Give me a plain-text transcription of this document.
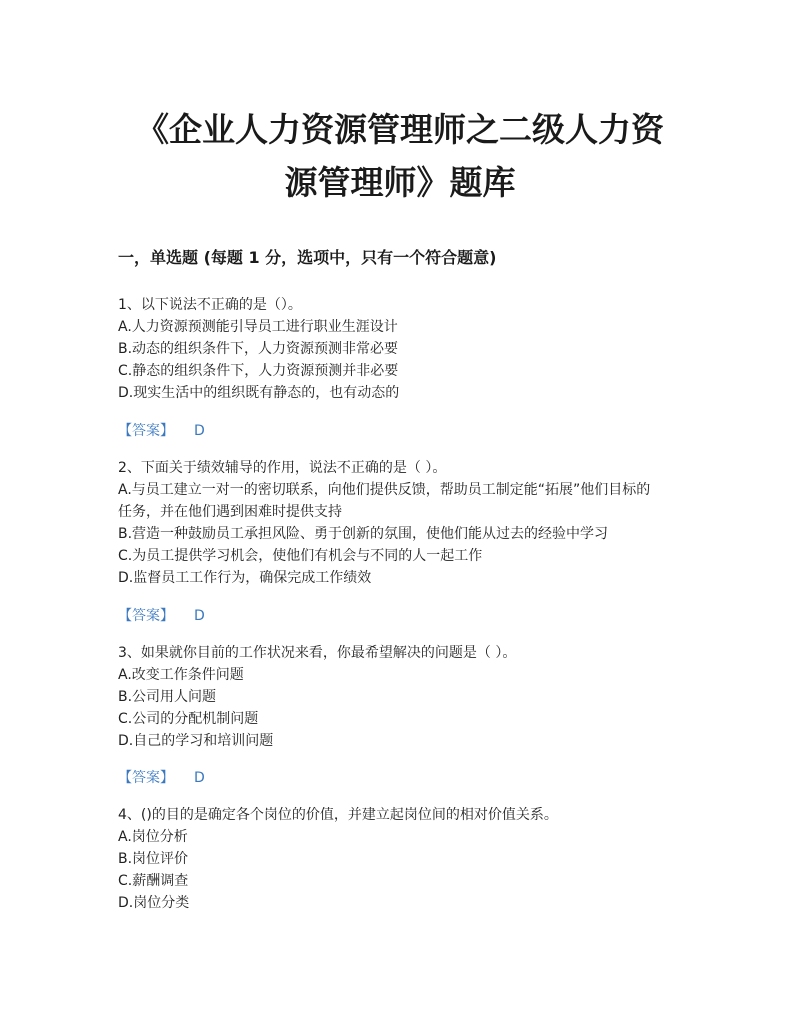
《企业人力资源管理师之二级人力资
源管理师》题库
一，单选题 (每题 1 分，选项中，只有一个符合题意)
1、以下说法不正确的是（）。
A.人力资源预测能引导员工进行职业生涯设计
B.动态的组织条件下，人力资源预测非常必要
C.静态的组织条件下，人力资源预测并非必要
D.现实生活中的组织既有静态的，也有动态的
【答案】 D
2、下面关于绩效辅导的作用，说法不正确的是（ ）。
A.与员工建立一对一的密切联系，向他们提供反馈，帮助员工制定能“拓展”他们目标的
任务，并在他们遇到困难时提供支持
B.营造一种鼓励员工承担风险、勇于创新的氛围，使他们能从过去的经验中学习
C.为员工提供学习机会，使他们有机会与不同的人一起工作
D.监督员工工作行为，确保完成工作绩效
【答案】 D
3、如果就你目前的工作状况来看，你最希望解决的问题是（ ）。
A.改变工作条件问题
B.公司用人问题
C.公司的分配机制问题
D.自己的学习和培训问题
【答案】 D
4、()的目的是确定各个岗位的价值，并建立起岗位间的相对价值关系。
A.岗位分析
B.岗位评价
C.薪酬调查
D.岗位分类
